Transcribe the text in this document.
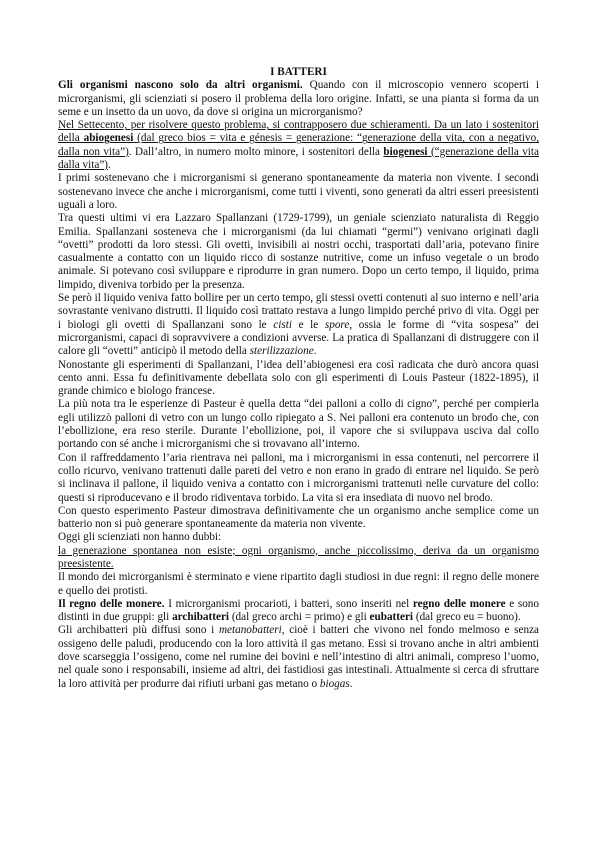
I BATTERI

Gli organismi nascono solo da altri organismi. Quando con il microscopio vennero scoperti i microrganismi, gli scienziati si posero il problema della loro origine. Infatti, se una pianta si forma da un seme e un insetto da un uovo, da dove si origina un microrganismo?

Nel Settecento, per risolvere questo problema, si contrapposero due schieramenti. Da un lato i sostenitori della abiogenesi (dal greco bios = vita e génesis = generazione: “generazione della vita, con a negativo, dalla non vita”). Dall’altro, in numero molto minore, i sostenitori della biogenesi (“generazione della vita dalla vita”).

I primi sostenevano che i microrganismi si generano spontaneamente da materia non vivente. I secondi sostenevano invece che anche i microrganismi, come tutti i viventi, sono generati da altri esseri preesistenti uguali a loro.

Tra questi ultimi vi era Lazzaro Spallanzani (1729-1799), un geniale scienziato naturalista di Reggio Emilia. Spallanzani sosteneva che i microrganismi (da lui chiamati “germi”) venivano originati dagli “ovetti” prodotti da loro stessi. Gli ovetti, invisibili ai nostri occhi, trasportati dall’aria, potevano finire casualmente a contatto con un liquido ricco di sostanze nutritive, come un infuso vegetale o un brodo animale. Si potevano così sviluppare e riprodurre in gran numero. Dopo un certo tempo, il liquido, prima limpido, diveniva torbido per la presenza.

Se però il liquido veniva fatto bollire per un certo tempo, gli stessi ovetti contenuti al suo interno e nell’aria sovrastante venivano distrutti. Il liquido così trattato restava a lungo limpido perché privo di vita. Oggi per i biologi gli ovetti di Spallanzani sono le cisti e le spore, ossia le forme di “vita sospesa” dei microrganismi, capaci di sopravvivere a condizioni avverse. La pratica di Spallanzani di distruggere con il calore gli “ovetti” anticipò il metodo della sterilizzazione.

Nonostante gli esperimenti di Spallanzani, l’idea dell’abiogenesi era così radicata che durò ancora quasi cento anni. Essa fu definitivamente debellata solo con gli esperimenti di Louis Pasteur (1822-1895), il grande chimico e biologo francese.

La più nota tra le esperienze di Pasteur è quella detta “dei palloni a collo di cigno”, perché per compierla egli utilizzò palloni di vetro con un lungo collo ripiegato a S. Nei palloni era contenuto un brodo che, con l’ebollizione, era reso sterile. Durante l’ebollizione, poi, il vapore che si sviluppava usciva dal collo portando con sé anche i microrganismi che si trovavano all’interno.

Con il raffreddamento l’aria rientrava nei palloni, ma i microrganismi in essa contenuti, nel percorrere il collo ricurvo, venivano trattenuti dalle pareti del vetro e non erano in grado di entrare nel liquido. Se però si inclinava il pallone, il liquido veniva a contatto con i microrganismi trattenuti nelle curvature del collo: questi si riproducevano e il brodo ridiventava torbido. La vita si era insediata di nuovo nel brodo.

Con questo esperimento Pasteur dimostrava definitivamente che un organismo anche semplice come un batterio non si può generare spontaneamente da materia non vivente.

Oggi gli scienziati non hanno dubbi:

la generazione spontanea non esiste; ogni organismo, anche piccolissimo, deriva da un organismo preesistente.

Il mondo dei microrganismi è sterminato e viene ripartito dagli studiosi in due regni: il regno delle monere e quello dei protisti.

Il regno delle monere. I microrganismi procarioti, i batteri, sono inseriti nel regno delle monere e sono distinti in due gruppi: gli archibatteri (dal greco archi = primo) e gli eubatteri (dal greco eu = buono).

Gli archibatteri più diffusi sono i metanobatteri, cioè i batteri che vivono nel fondo melmoso e senza ossigeno delle paludi, producendo con la loro attività il gas metano. Essi si trovano anche in altri ambienti dove scarseggia l’ossigeno, come nel rumine dei bovini e nell’intestino di altri animali, compreso l’uomo, nel quale sono i responsabili, insieme ad altri, dei fastidiosi gas intestinali. Attualmente si cerca di sfruttare la loro attività per produrre dai rifiuti urbani gas metano o biogas.
